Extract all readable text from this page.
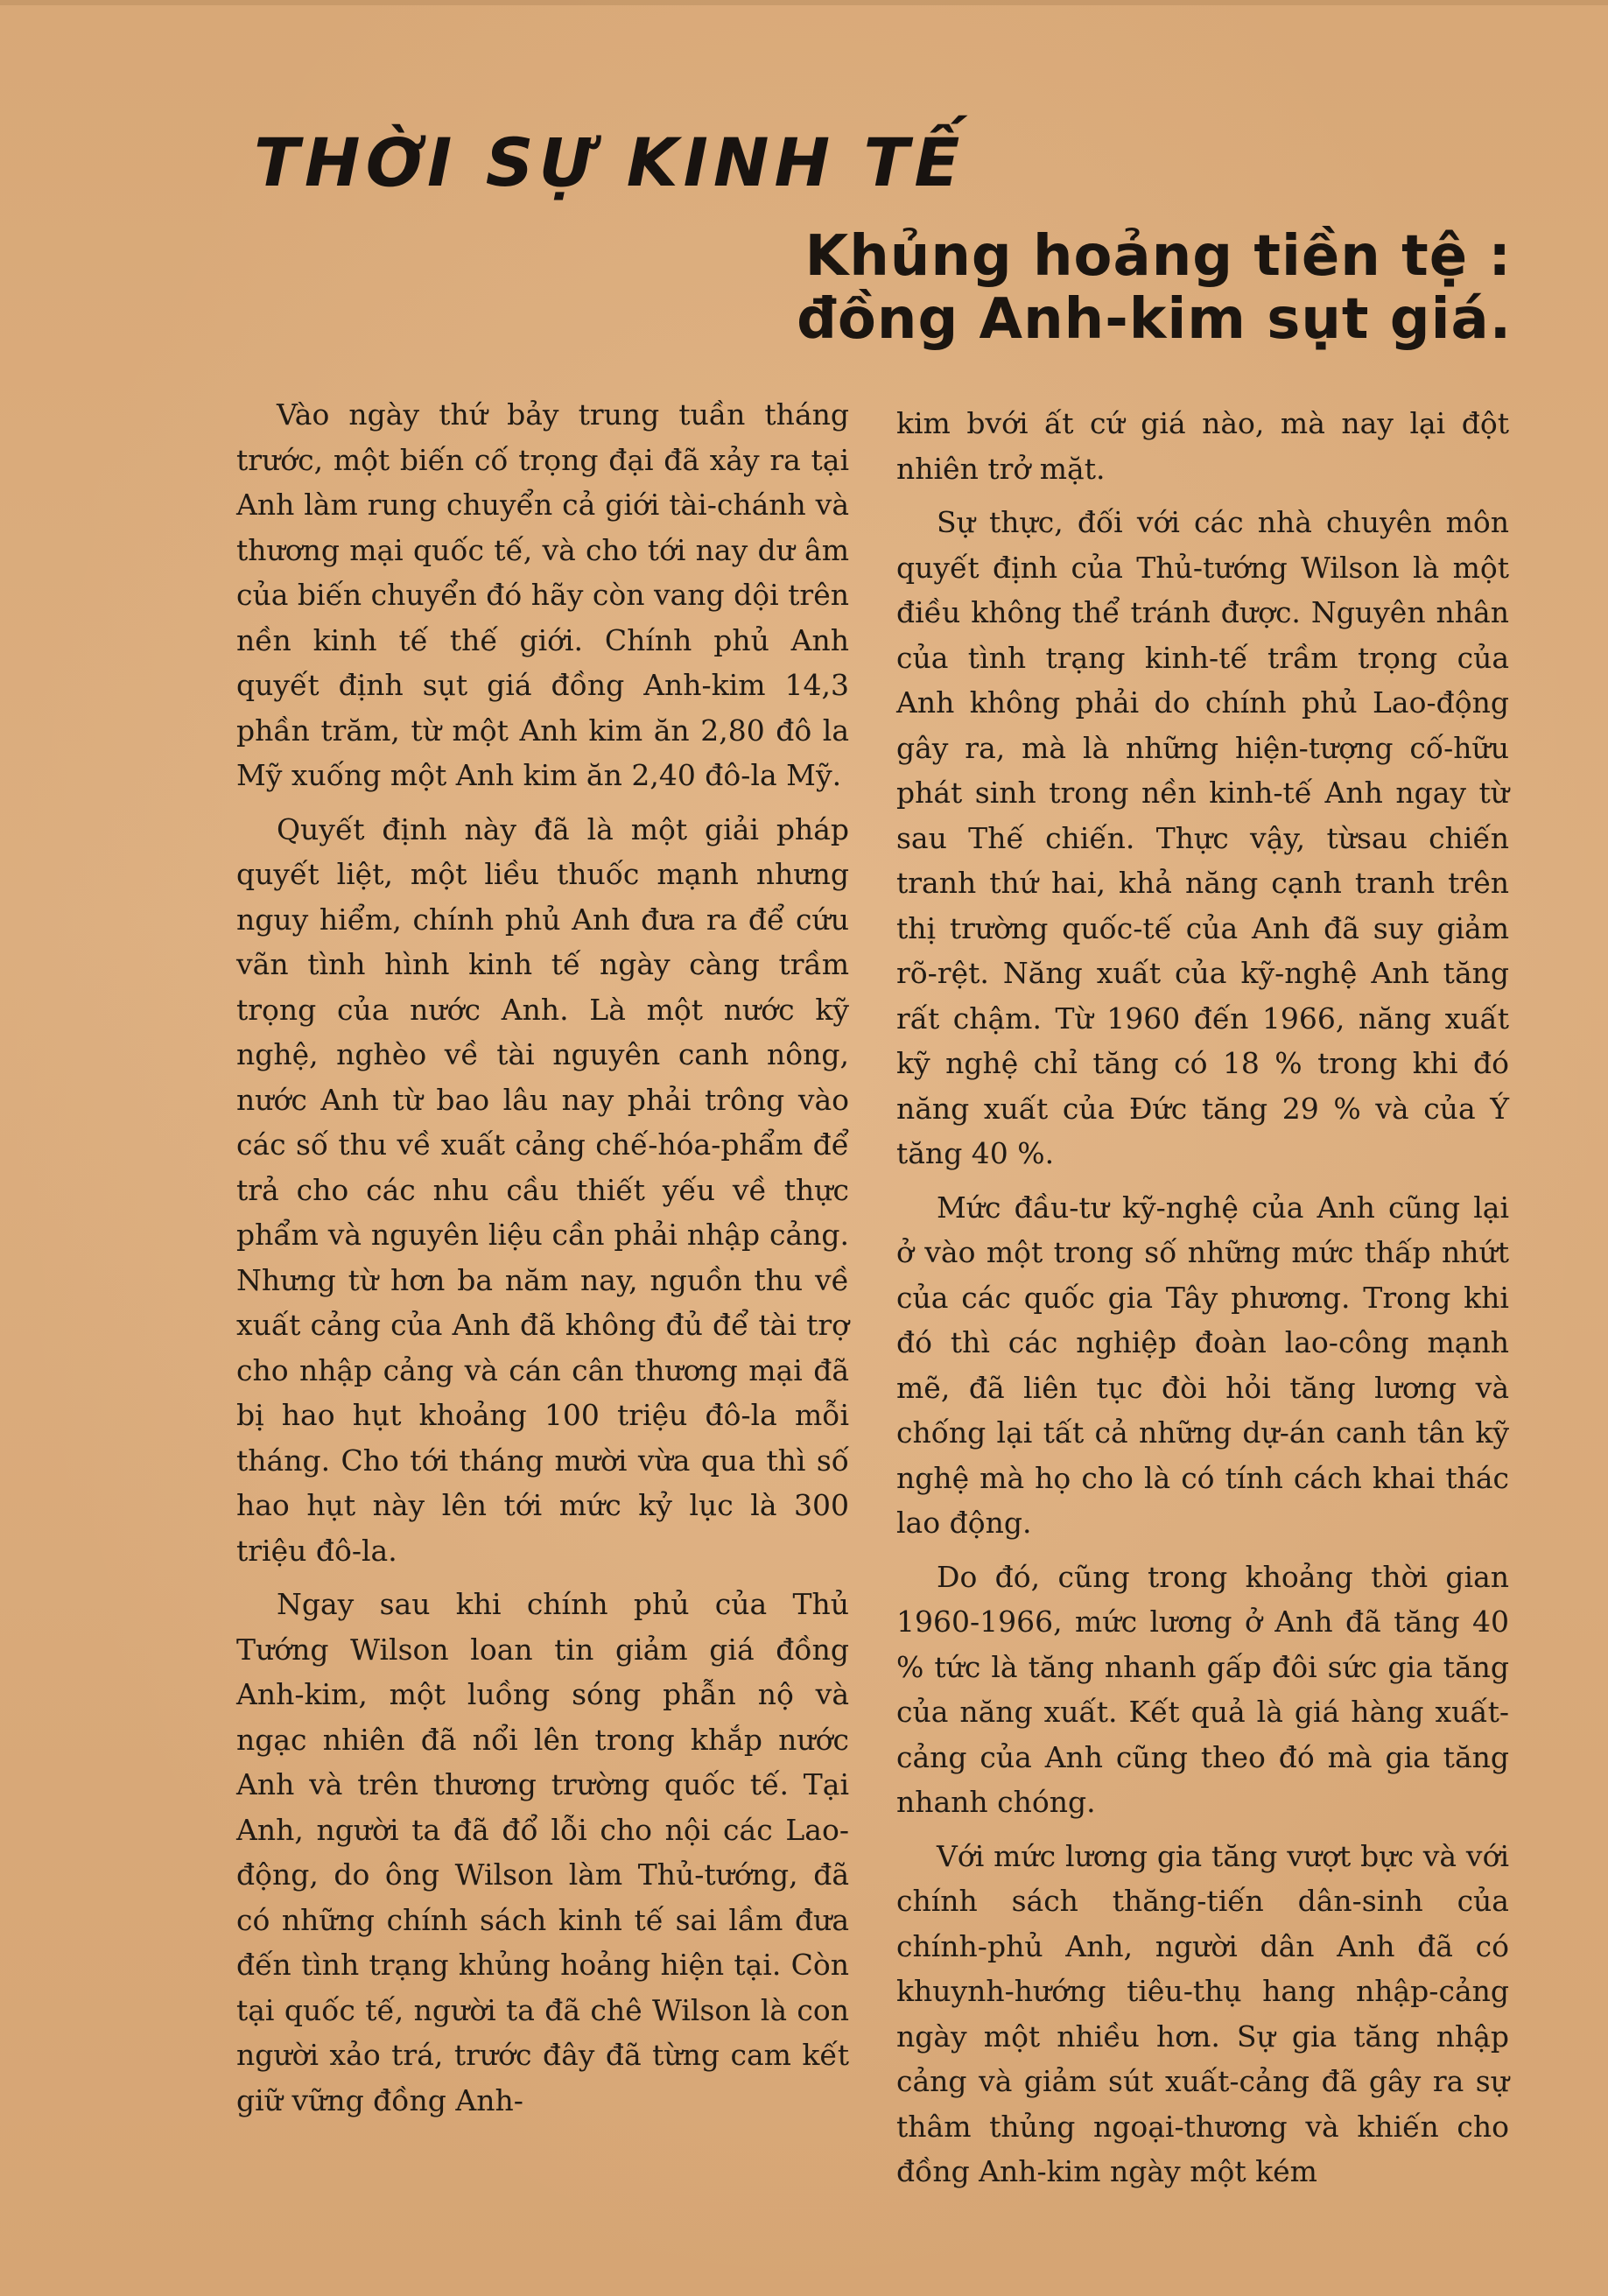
THỜI SỰ KINH TẾ
Khủng hoảng tiền tệ :
đồng Anh-kim sụt giá.

Vào ngày thứ bảy trung tuần tháng trước, một biến cố trọng đại đã xảy ra tại Anh làm rung chuyển cả giới tài-chánh và thương mại quốc tế, và cho tới nay dư âm của biến chuyển đó hãy còn vang dội trên nền kinh tế thế giới. Chính phủ Anh quyết định sụt giá đồng Anh-kim 14,3 phần trăm, từ một Anh kim ăn 2,80 đô la Mỹ xuống một Anh kim ăn 2,40 đô-la Mỹ.

Quyết định này đã là một giải pháp quyết liệt, một liều thuốc mạnh nhưng nguy hiểm, chính phủ Anh đưa ra để cứu vãn tình hình kinh tế ngày càng trầm trọng của nước Anh. Là một nước kỹ nghệ, nghèo về tài nguyên canh nông, nước Anh từ bao lâu nay phải trông vào các số thu về xuất cảng chế-hóa-phẩm để trả cho các nhu cầu thiết yếu về thực phẩm và nguyên liệu cần phải nhập cảng. Nhưng từ hơn ba năm nay, nguồn thu về xuất cảng của Anh đã không đủ để tài trợ cho nhập cảng và cán cân thương mại đã bị hao hụt khoảng 100 triệu đô-la mỗi tháng. Cho tới tháng mười vừa qua thì số hao hụt này lên tới mức kỷ lục là 300 triệu đô-la.

Ngay sau khi chính phủ của Thủ Tướng Wilson loan tin giảm giá đồng Anh-kim, một luồng sóng phẫn nộ và ngạc nhiên đã nổi lên trong khắp nước Anh và trên thương trường quốc tế. Tại Anh, người ta đã đổ lỗi cho nội các Lao-động, do ông Wilson làm Thủ-tướng, đã có những chính sách kinh tế sai lầm đưa đến tình trạng khủng hoảng hiện tại. Còn tại quốc tế, người ta đã chê Wilson là con người xảo trá, trước đây đã từng cam kết giữ vững đồng Anh-

kim bvới ất cứ giá nào, mà nay lại đột nhiên trở mặt.

Sự thực, đối với các nhà chuyên môn quyết định của Thủ-tướng Wilson là một điều không thể tránh được. Nguyên nhân của tình trạng kinh-tế trầm trọng của Anh không phải do chính phủ Lao-động gây ra, mà là những hiện-tượng cố-hữu phát sinh trong nền kinh-tế Anh ngay từ sau Thế chiến. Thực vậy, từsau chiến tranh thứ hai, khả năng cạnh tranh trên thị trường quốc-tế của Anh đã suy giảm rõ-rệt. Năng xuất của kỹ-nghệ Anh tăng rất chậm. Từ 1960 đến 1966, năng xuất kỹ nghệ chỉ tăng có 18 % trong khi đó năng xuất của Đức tăng 29 % và của Ý tăng 40 %.

Mức đầu-tư kỹ-nghệ của Anh cũng lại ở vào một trong số những mức thấp nhứt của các quốc gia Tây phương. Trong khi đó thì các nghiệp đoàn lao-công mạnh mẽ, đã liên tục đòi hỏi tăng lương và chống lại tất cả những dự-án canh tân kỹ nghệ mà họ cho là có tính cách khai thác lao động.

Do đó, cũng trong khoảng thời gian 1960-1966, mức lương ở Anh đã tăng 40 % tức là tăng nhanh gấp đôi sức gia tăng của năng xuất. Kết quả là giá hàng xuất-cảng của Anh cũng theo đó mà gia tăng nhanh chóng.

Với mức lương gia tăng vượt bực và với chính sách thăng-tiến dân-sinh của chính-phủ Anh, người dân Anh đã có khuynh-hướng tiêu-thụ hang nhập-cảng ngày một nhiều hơn. Sự gia tăng nhập cảng và giảm sút xuất-cảng đã gây ra sự thâm thủng ngoại-thương và khiến cho đồng Anh-kim ngày một kém
